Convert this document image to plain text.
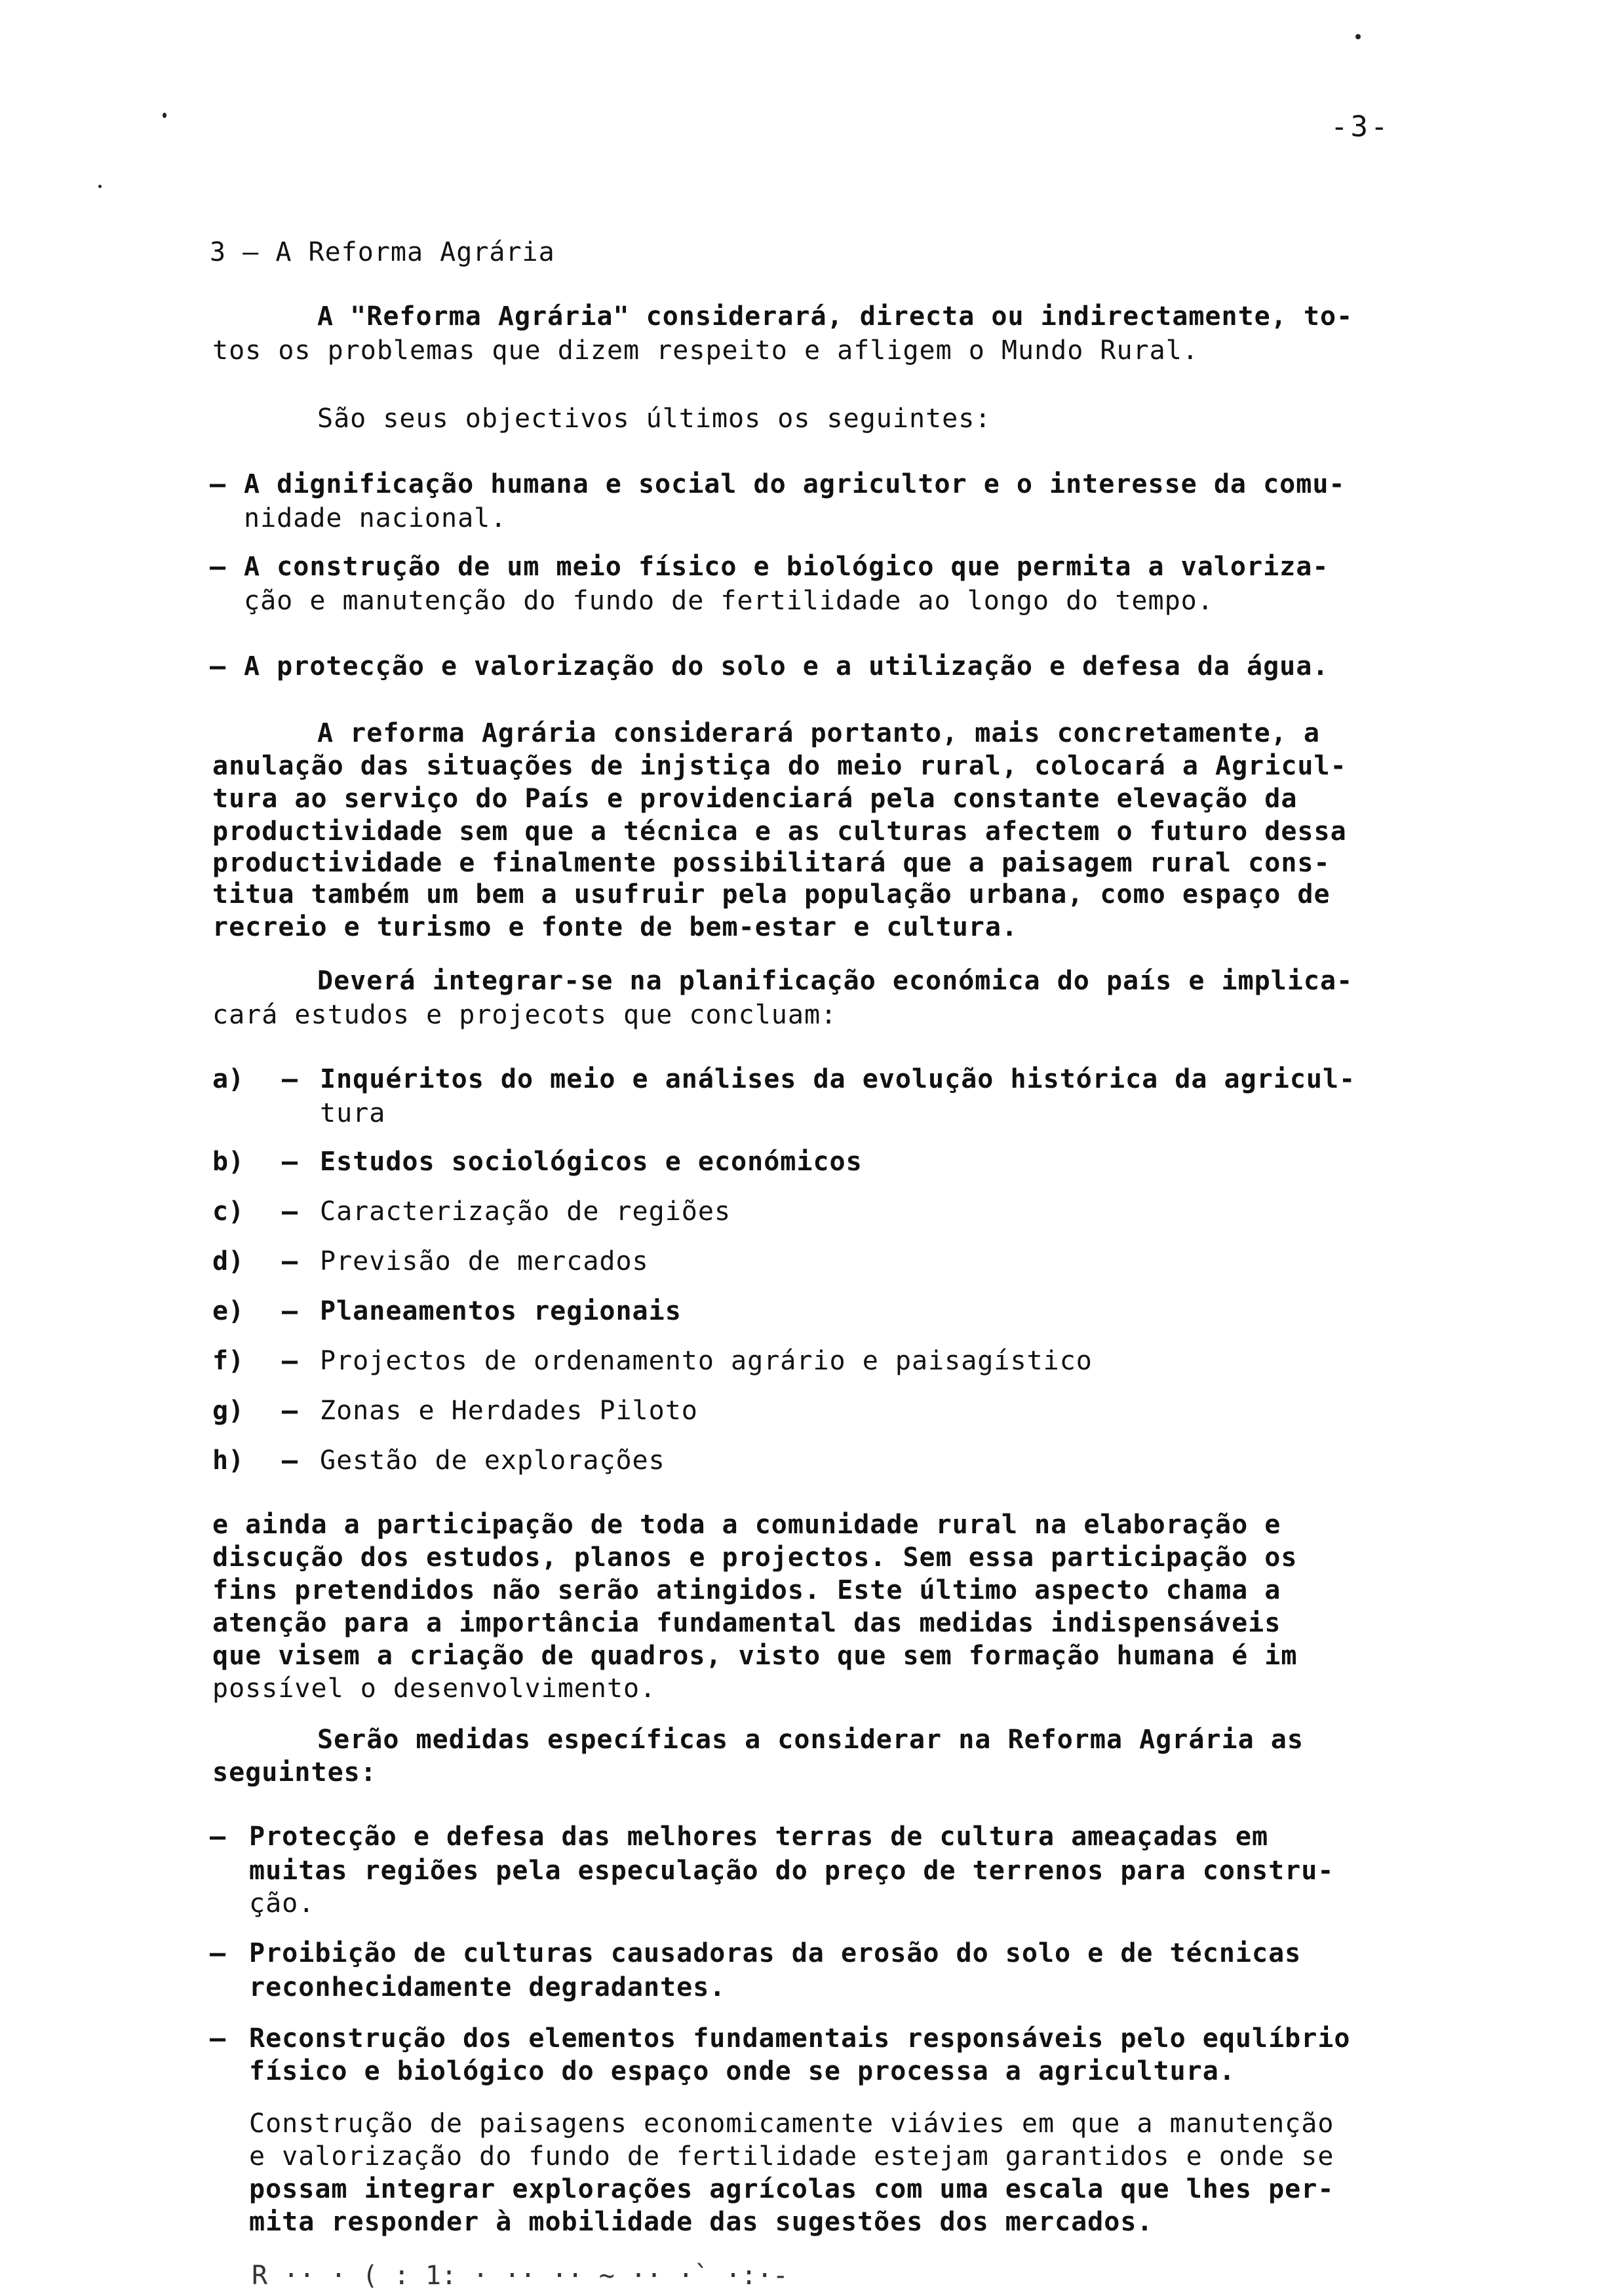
-3-
3 – A Reforma Agrária
A "Reforma Agrária" considerará, directa ou indirectamente, to-
tos os problemas que dizem respeito e afligem o Mundo Rural.
São seus objectivos últimos os seguintes:
– A dignificação humana e social do agricultor e o interesse da comu-
nidade nacional.
– A construção de um meio físico e biológico que permita a valoriza-
ção e manutenção do fundo de fertilidade ao longo do tempo.
– A protecção e valorização do solo e a utilização e defesa da água.
A reforma Agrária considerará portanto, mais concretamente, a
anulação das situações de injstiça do meio rural, colocará a Agricul-
tura ao serviço do País e providenciará pela constante elevação da
productividade sem que a técnica e as culturas afectem o futuro dessa
productividade e finalmente possibilitará que a paisagem rural cons-
titua também um bem a usufruir pela população urbana, como espaço de
recreio e turismo e fonte de bem-estar e cultura.
Deverá integrar-se na planificação económica do país e implica-
cará estudos e projecots que concluam:
a) – Inquéritos do meio e análises da evolução histórica da agricul-
tura
b) – Estudos sociológicos e económicos
c) – Caracterização de regiões
d) – Previsão de mercados
e) – Planeamentos regionais
f) – Projectos de ordenamento agrário e paisagístico
g) – Zonas e Herdades Piloto
h) – Gestão de explorações
e ainda a participação de toda a comunidade rural na elaboração e
discução dos estudos, planos e projectos. Sem essa participação os
fins pretendidos não serão atingidos. Este último aspecto chama a
atenção para a importância fundamental das medidas indispensáveis
que visem a criação de quadros, visto que sem formação humana é im
possível o desenvolvimento.
Serão medidas específicas a considerar na Reforma Agrária as
seguintes:
– Protecção e defesa das melhores terras de cultura ameaçadas em
muitas regiões pela especulação do preço de terrenos para constru-
ção.
– Proibição de culturas causadoras da erosão do solo e de técnicas
reconhecidamente degradantes.
– Reconstrução dos elementos fundamentais responsáveis pelo equlíbrio
físico e biológico do espaço onde se processa a agricultura.
Construção de paisagens economicamente viávies em que a manutenção
e valorização do fundo de fertilidade estejam garantidos e onde se
possam integrar explorações agrícolas com uma escala que lhes per-
mita responder à mobilidade das sugestões dos mercados.
R ·· · ( : 1: · ·· ·· ~ ·· ·` ·:·-
